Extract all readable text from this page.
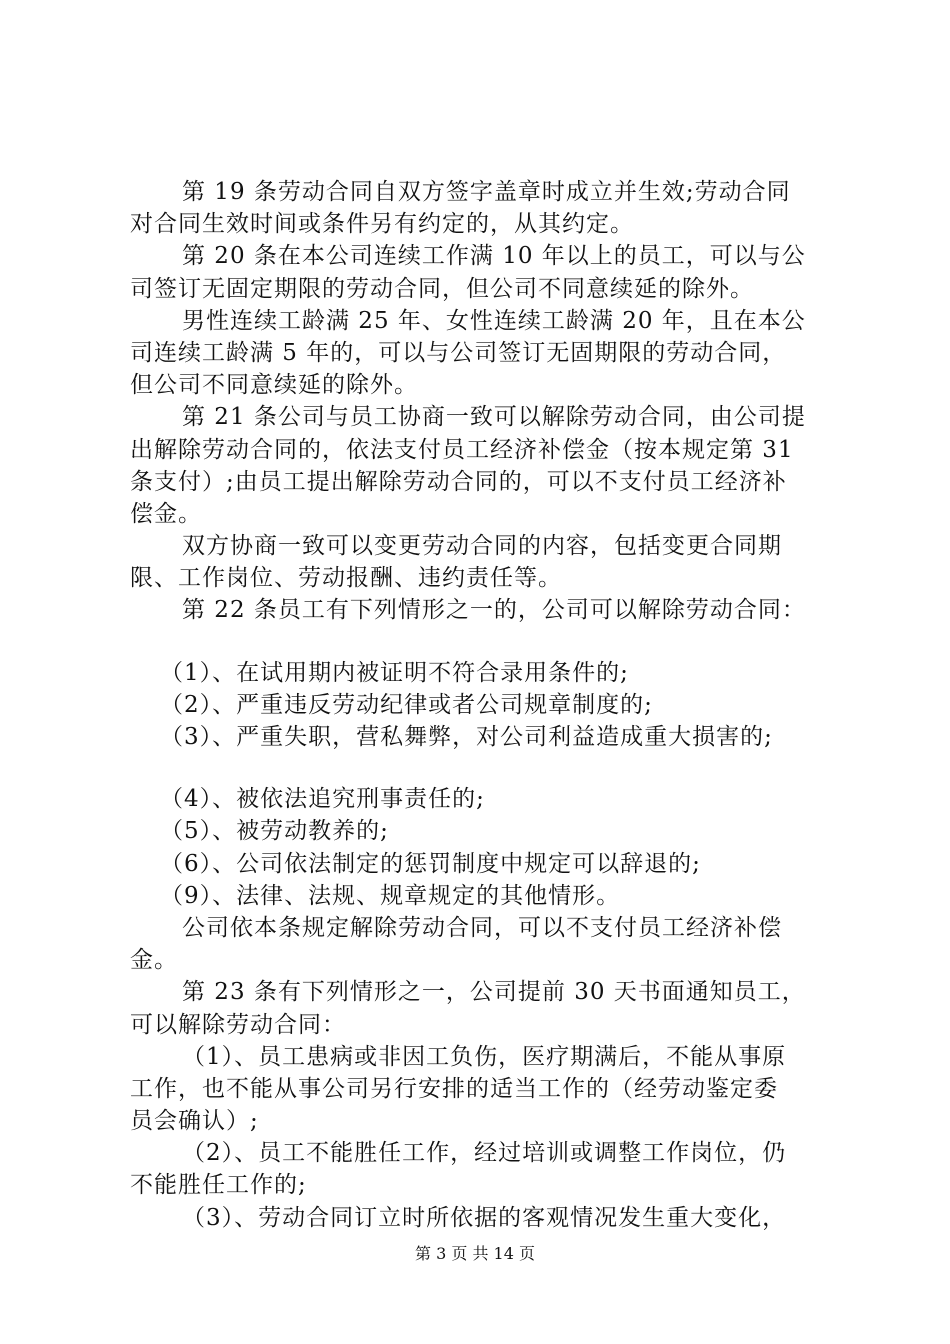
第 19 条劳动合同自双方签字盖章时成立并生效;劳动合同
对合同生效时间或条件另有约定的，从其约定。
第 20 条在本公司连续工作满 10 年以上的员工，可以与公
司签订无固定期限的劳动合同，但公司不同意续延的除外。
男性连续工龄满 25 年、女性连续工龄满 20 年，且在本公
司连续工龄满 5 年的，可以与公司签订无固期限的劳动合同，
但公司不同意续延的除外。
第 21 条公司与员工协商一致可以解除劳动合同，由公司提
出解除劳动合同的，依法支付员工经济补偿金（按本规定第 31
条支付）;由员工提出解除劳动合同的，可以不支付员工经济补
偿金。
双方协商一致可以变更劳动合同的内容，包括变更合同期
限、工作岗位、劳动报酬、违约责任等。
第 22 条员工有下列情形之一的，公司可以解除劳动合同：
（1）、在试用期内被证明不符合录用条件的;
（2）、严重违反劳动纪律或者公司规章制度的;
（3）、严重失职，营私舞弊，对公司利益造成重大损害的;
（4）、被依法追究刑事责任的;
（5）、被劳动教养的;
（6）、公司依法制定的惩罚制度中规定可以辞退的;
（9）、法律、法规、规章规定的其他情形。
公司依本条规定解除劳动合同，可以不支付员工经济补偿
金。
第 23 条有下列情形之一，公司提前 30 天书面通知员工，
可以解除劳动合同：
（1）、员工患病或非因工负伤，医疗期满后，不能从事原
工作，也不能从事公司另行安排的适当工作的（经劳动鉴定委
员会确认）;
（2）、员工不能胜任工作，经过培训或调整工作岗位，仍
不能胜任工作的;
（3）、劳动合同订立时所依据的客观情况发生重大变化，
第 3 页 共 14 页
